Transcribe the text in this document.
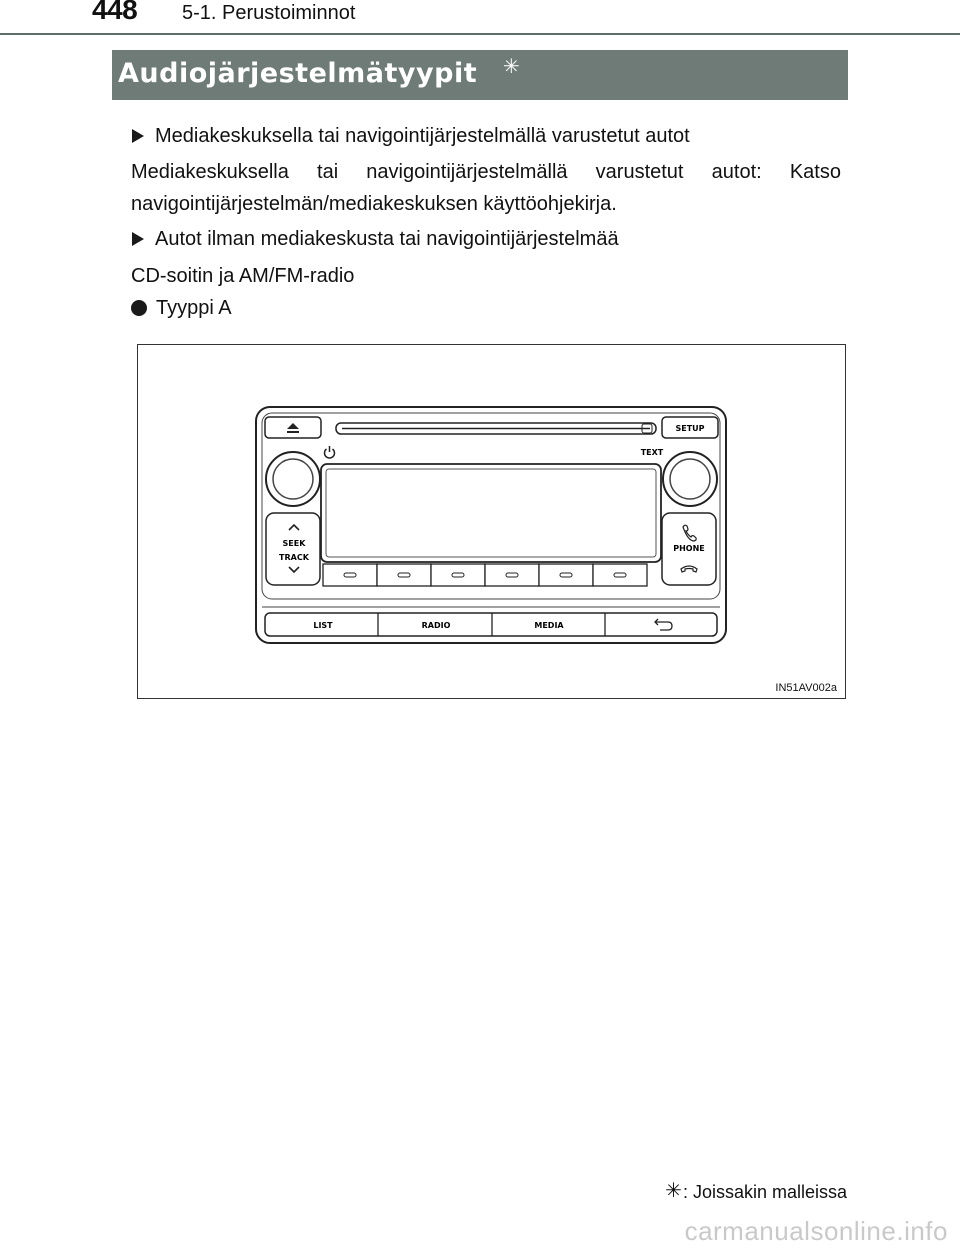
448 5-1. Perustoiminnot
Audiojärjestelmätyypit ✳
Mediakeskuksella tai navigointijärjestelmällä varustetut autot
Mediakeskuksella tai navigointijärjestelmällä varustetut autot: Katso
navigointijärjestelmän/mediakeskuksen käyttöohjekirja.
Autot ilman mediakeskusta tai navigointijärjestelmää
CD-soitin ja AM/FM-radio
Tyyppi A
SETUP
TEXT
SEEK
TRACK
PHONE
LIST	RADIO	MEDIA
IN51AV002a
✳: Joissakin malleissa
carmanualsonline.info
